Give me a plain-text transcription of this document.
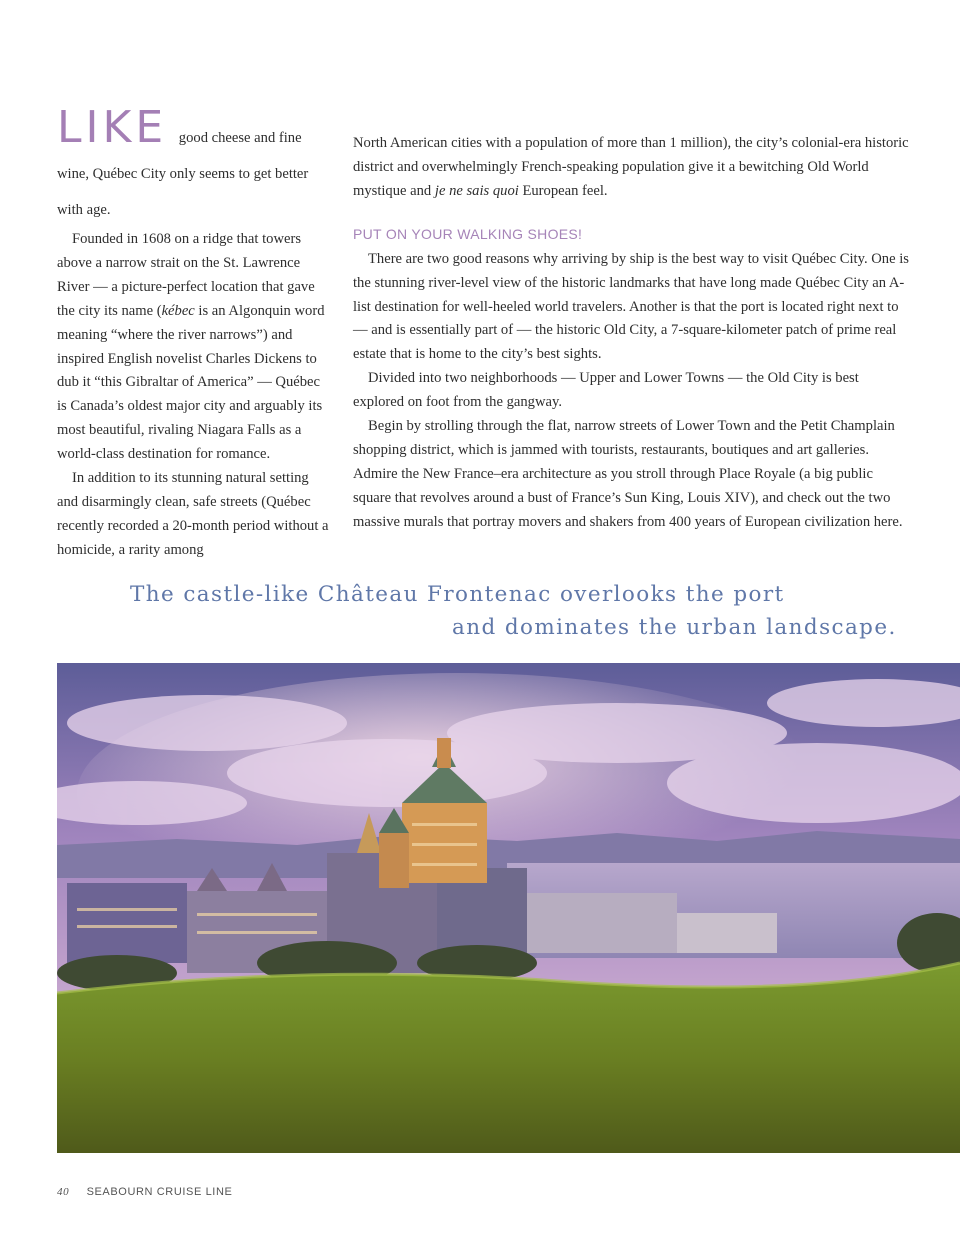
LIKE good cheese and fine wine, Québec City only seems to get better with age.

Founded in 1608 on a ridge that towers above a narrow strait on the St. Lawrence River — a picture-perfect location that gave the city its name (kébec is an Algonquin word meaning “where the river narrows”) and inspired English novelist Charles Dickens to dub it “this Gibraltar of America” — Québec is Canada’s oldest major city and arguably its most beautiful, rivaling Niagara Falls as a world-class destination for romance.

In addition to its stunning natural setting and disarmingly clean, safe streets (Québec recently recorded a 20-month period without a homicide, a rarity among

North American cities with a population of more than 1 million), the city’s colonial-era historic district and overwhelmingly French-speaking population give it a bewitching Old World mystique and je ne sais quoi European feel.

PUT ON YOUR WALKING SHOES!

There are two good reasons why arriving by ship is the best way to visit Québec City. One is the stunning river-level view of the historic landmarks that have long made Québec City an A-list destination for well-heeled world travelers. Another is that the port is located right next to — and is essentially part of — the historic Old City, a 7-square-kilometer patch of prime real estate that is home to the city’s best sights.

Divided into two neighborhoods — Upper and Lower Towns — the Old City is best explored on foot from the gangway.

Begin by strolling through the flat, narrow streets of Lower Town and the Petit Champlain shopping district, which is jammed with tourists, restaurants, boutiques and art galleries. Admire the New France–era architecture as you stroll through Place Royale (a big public square that revolves around a bust of France’s Sun King, Louis XIV), and check out the two massive murals that portray movers and shakers from 400 years of European civilization here.

The castle-like Château Frontenac overlooks the port
and dominates the urban landscape.
40 SEABOURN CRUISE LINE
